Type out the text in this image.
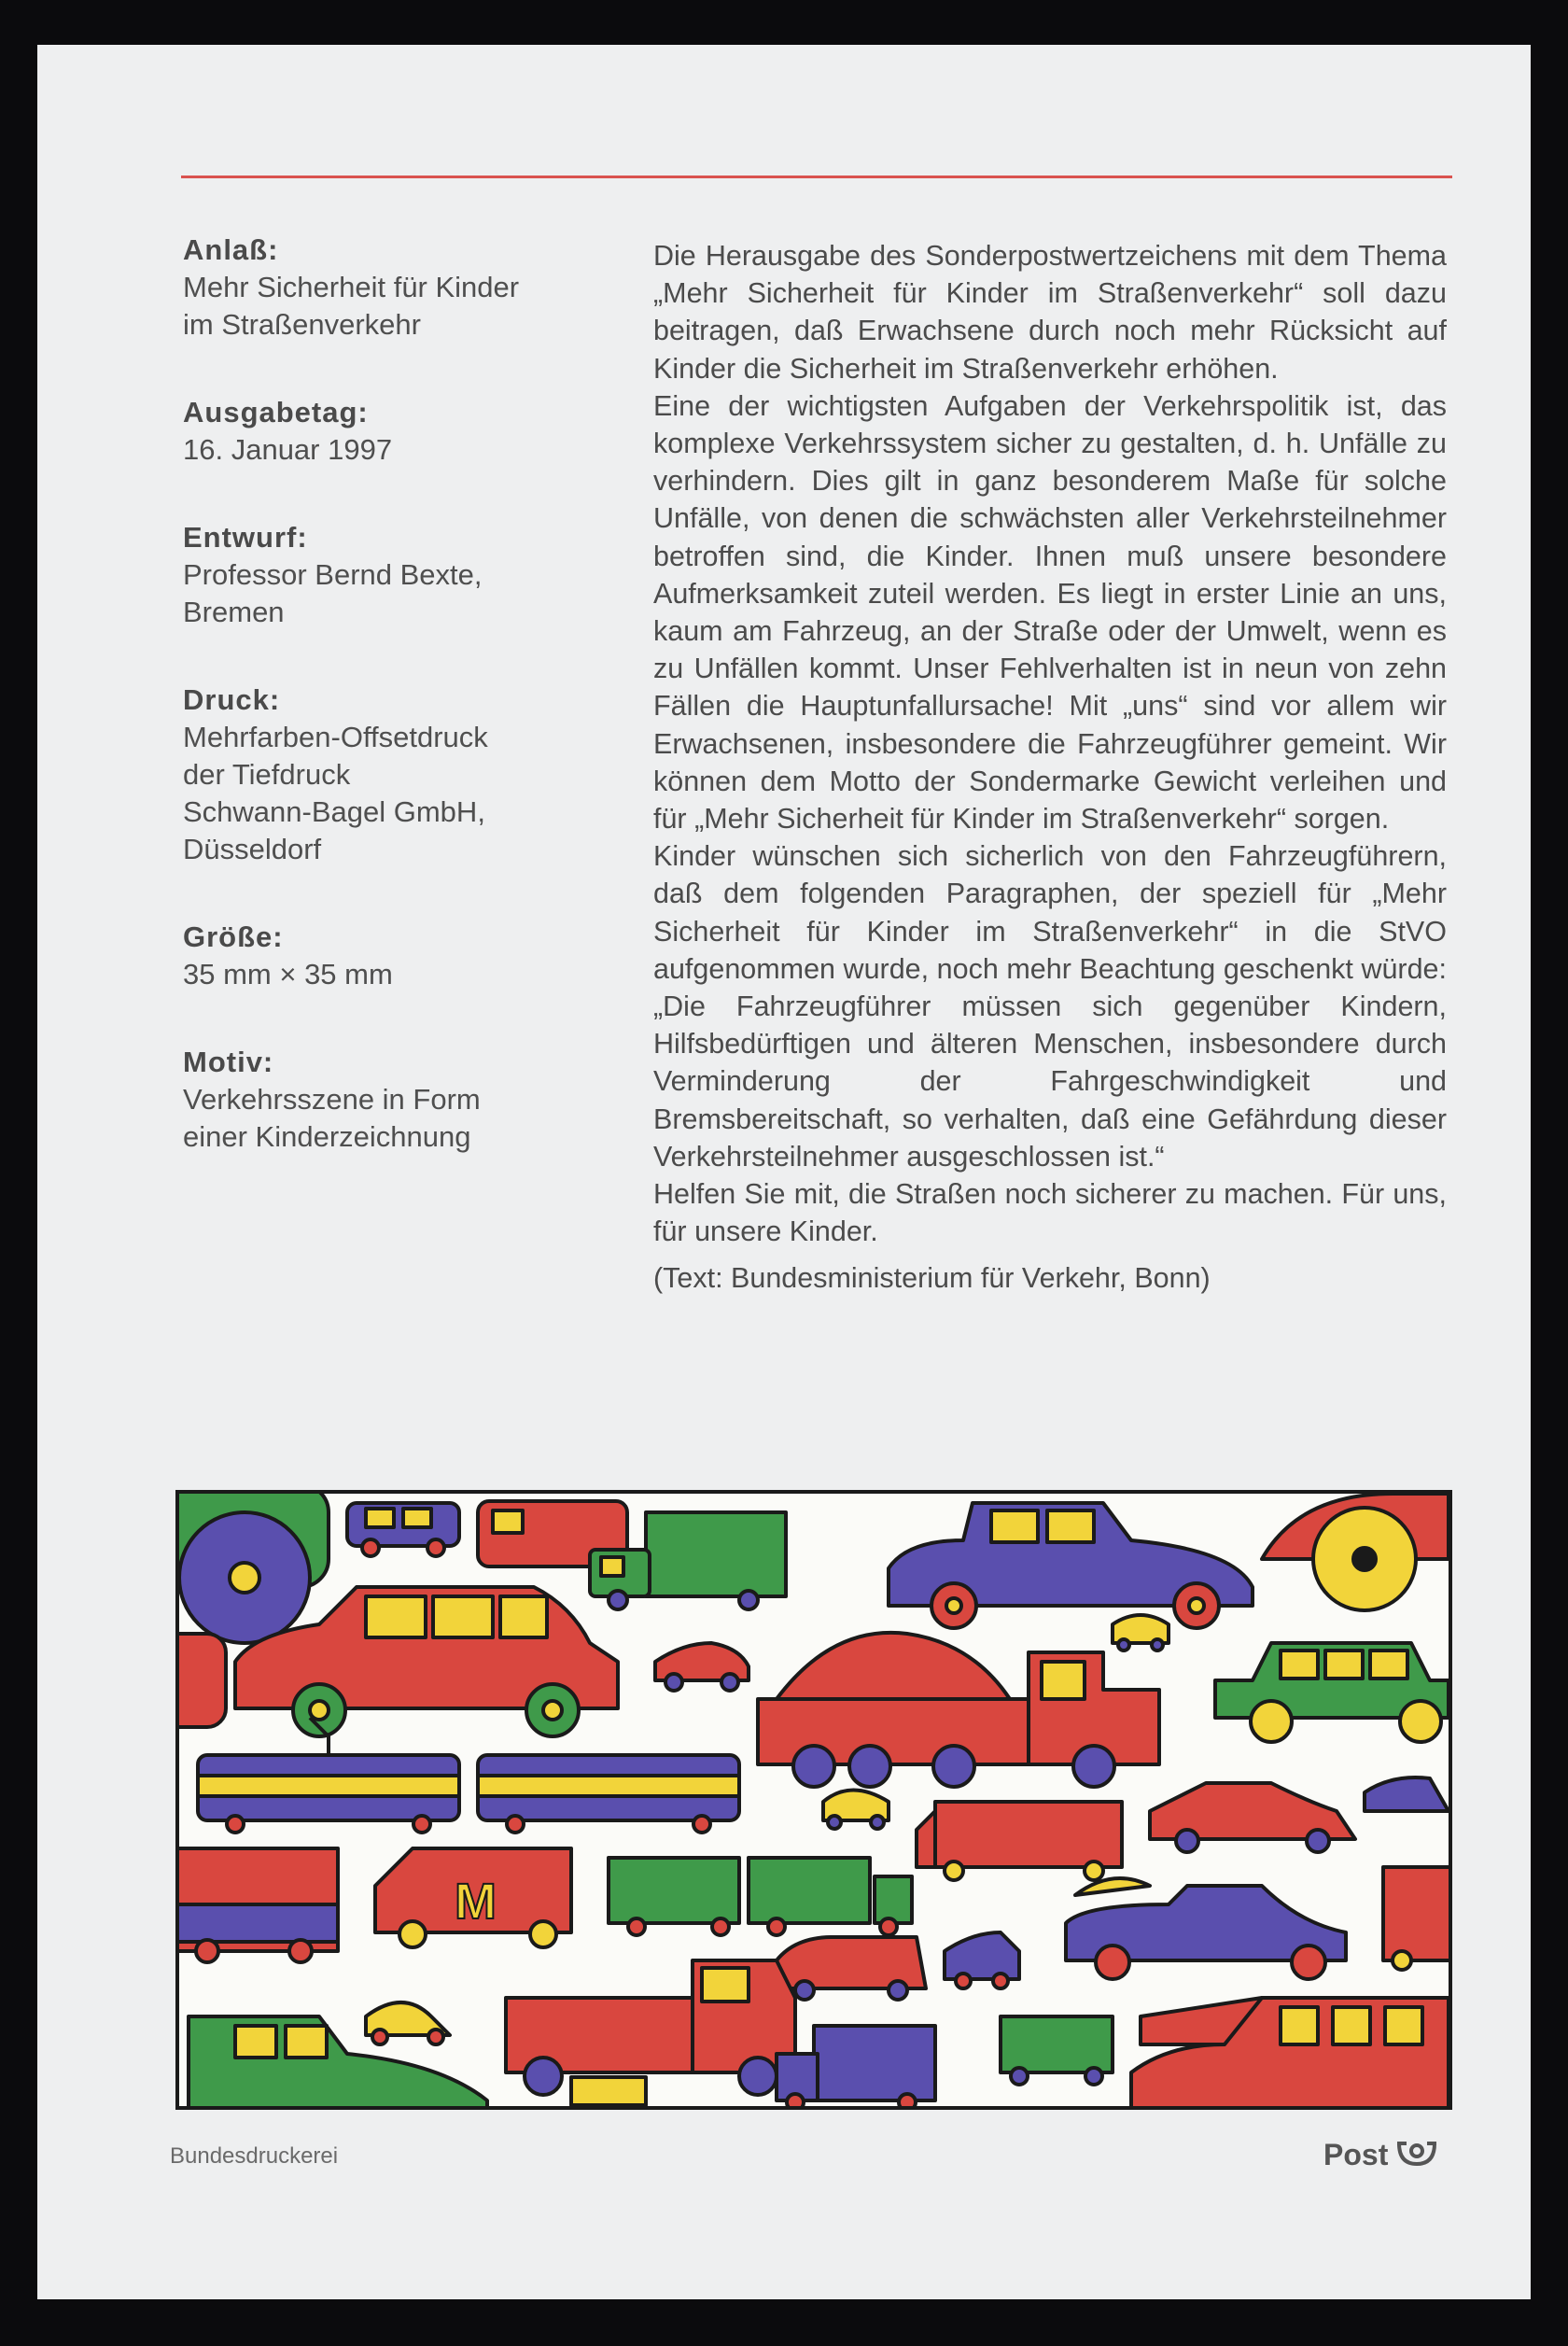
Anlaß:
Mehr Sicherheit für Kinder
im Straßenverkehr
Ausgabetag:
16. Januar 1997
Entwurf:
Professor Bernd Bexte,
Bremen
Druck:
Mehrfarben-Offsetdruck
der Tiefdruck
Schwann-Bagel GmbH,
Düsseldorf
Größe:
35 mm × 35 mm
Motiv:
Verkehrsszene in Form
einer Kinderzeichnung
Die Herausgabe des Sonderpostwertzeichens mit dem Thema „Mehr Sicherheit für Kinder im Straßenverkehr“ soll dazu beitragen, daß Erwachsene durch noch mehr Rücksicht auf Kinder die Sicherheit im Straßenverkehr erhöhen.
Eine der wichtigsten Aufgaben der Verkehrspolitik ist, das komplexe Verkehrssystem sicher zu gestalten, d. h. Unfälle zu verhindern. Dies gilt in ganz besonderem Maße für solche Unfälle, von denen die schwächsten aller Verkehrsteilnehmer betroffen sind, die Kinder. Ihnen muß unsere besondere Aufmerksamkeit zuteil werden. Es liegt in erster Linie an uns, kaum am Fahrzeug, an der Straße oder der Umwelt, wenn es zu Unfällen kommt. Unser Fehlverhalten ist in neun von zehn Fällen die Hauptunfallursache! Mit „uns“ sind vor allem wir Erwachsenen, insbesondere die Fahrzeugführer gemeint. Wir können dem Motto der Sondermarke Gewicht verleihen und für „Mehr Sicherheit für Kinder im Straßenverkehr“ sorgen.
Kinder wünschen sich sicherlich von den Fahrzeugführern, daß dem folgenden Paragraphen, der speziell für „Mehr Sicherheit für Kinder im Straßenverkehr“ in die StVO aufgenommen wurde, noch mehr Beachtung geschenkt würde: „Die Fahrzeugführer müssen sich gegenüber Kindern, Hilfsbedürftigen und älteren Menschen, insbesondere durch Verminderung der Fahrgeschwindigkeit und Bremsbereitschaft, so verhalten, daß eine Gefährdung dieser Verkehrsteilnehmer ausgeschlossen ist.“
Helfen Sie mit, die Straßen noch sicherer zu machen. Für uns, für unsere Kinder.
(Text: Bundesministerium für Verkehr, Bonn)
M
Bundesdruckerei	Post
